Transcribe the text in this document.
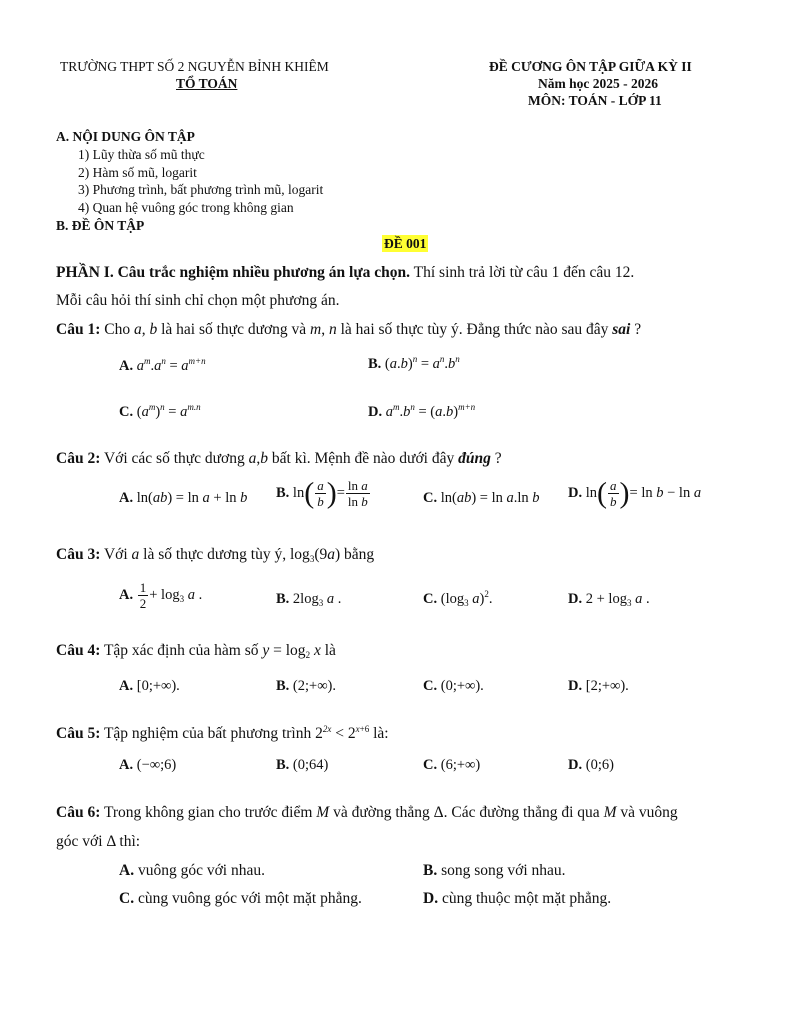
TRƯỜNG THPT SỐ 2 NGUYỄN BỈNH KHIÊM
TỔ TOÁN
ĐỀ CƯƠNG ÔN TẬP GIỮA KỲ II
Năm học 2025 - 2026
MÔN: TOÁN - LỚP 11
A. NỘI DUNG ÔN TẬP
1) Lũy thừa số mũ thực
2) Hàm số mũ, logarit
3) Phương trình, bất phương trình mũ, logarit
4) Quan hệ vuông góc trong không gian
B. ĐỀ ÔN TẬP
ĐỀ 001
PHẦN I. Câu trắc nghiệm nhiều phương án lựa chọn. Thí sinh trả lời từ câu 1 đến câu 12.
Mỗi câu hỏi thí sinh chỉ chọn một phương án.
Câu 1: Cho a, b là hai số thực dương và m, n là hai số thực tùy ý. Đẳng thức nào sau đây sai ?
A. $a^m.a^n = a^{m+n}$	B. $(a.b)^n = a^n.b^n$
C. $(a^m)^n = a^{m.n}$	D. $a^m.b^n = (a.b)^{m+n}$
Câu 2: Với các số thực dương a,b bất kì. Mệnh đề nào dưới đây đúng ?
A. ln(ab) = ln a + ln b B. $\ln( \frac{a}{b}$ )= $\frac{\text{ln a}}{\text{ln b}}$	C. ln(ab) = ln a.ln b D. $\ln( \frac{a}{b}$ )= ln b − ln a
Câu 3: Với a là số thực dương tùy ý, $\log_3(9a)$ bằng
A. $\frac{1}{2} + \log_3 a$ .	B. $2\log_3$ a .	C. ($\log_3$ a)$^2$.	D. $2 + \log_3 a$ .
Câu 4: Tập xác định của hàm số $y = \log_2 x$ là
A. [0;+∞).	B. (2;+∞).	C. (0;+∞).	D. [2;+∞).
Câu 5: Tập nghiệm của bất phương trình $2^{2x} < 2^{x+6}$ là:
A. (−∞;6)	B. (0;64)	C. (6;+∞)	D. (0;6)
Câu 6: Trong không gian cho trước điểm M và đường thẳng Δ. Các đường thẳng đi qua M và vuông
góc với Δ thì:
A. vuông góc với nhau.	B. song song với nhau.
C. cùng vuông góc với một mặt phẳng.	D. cùng thuộc một mặt phẳng.
